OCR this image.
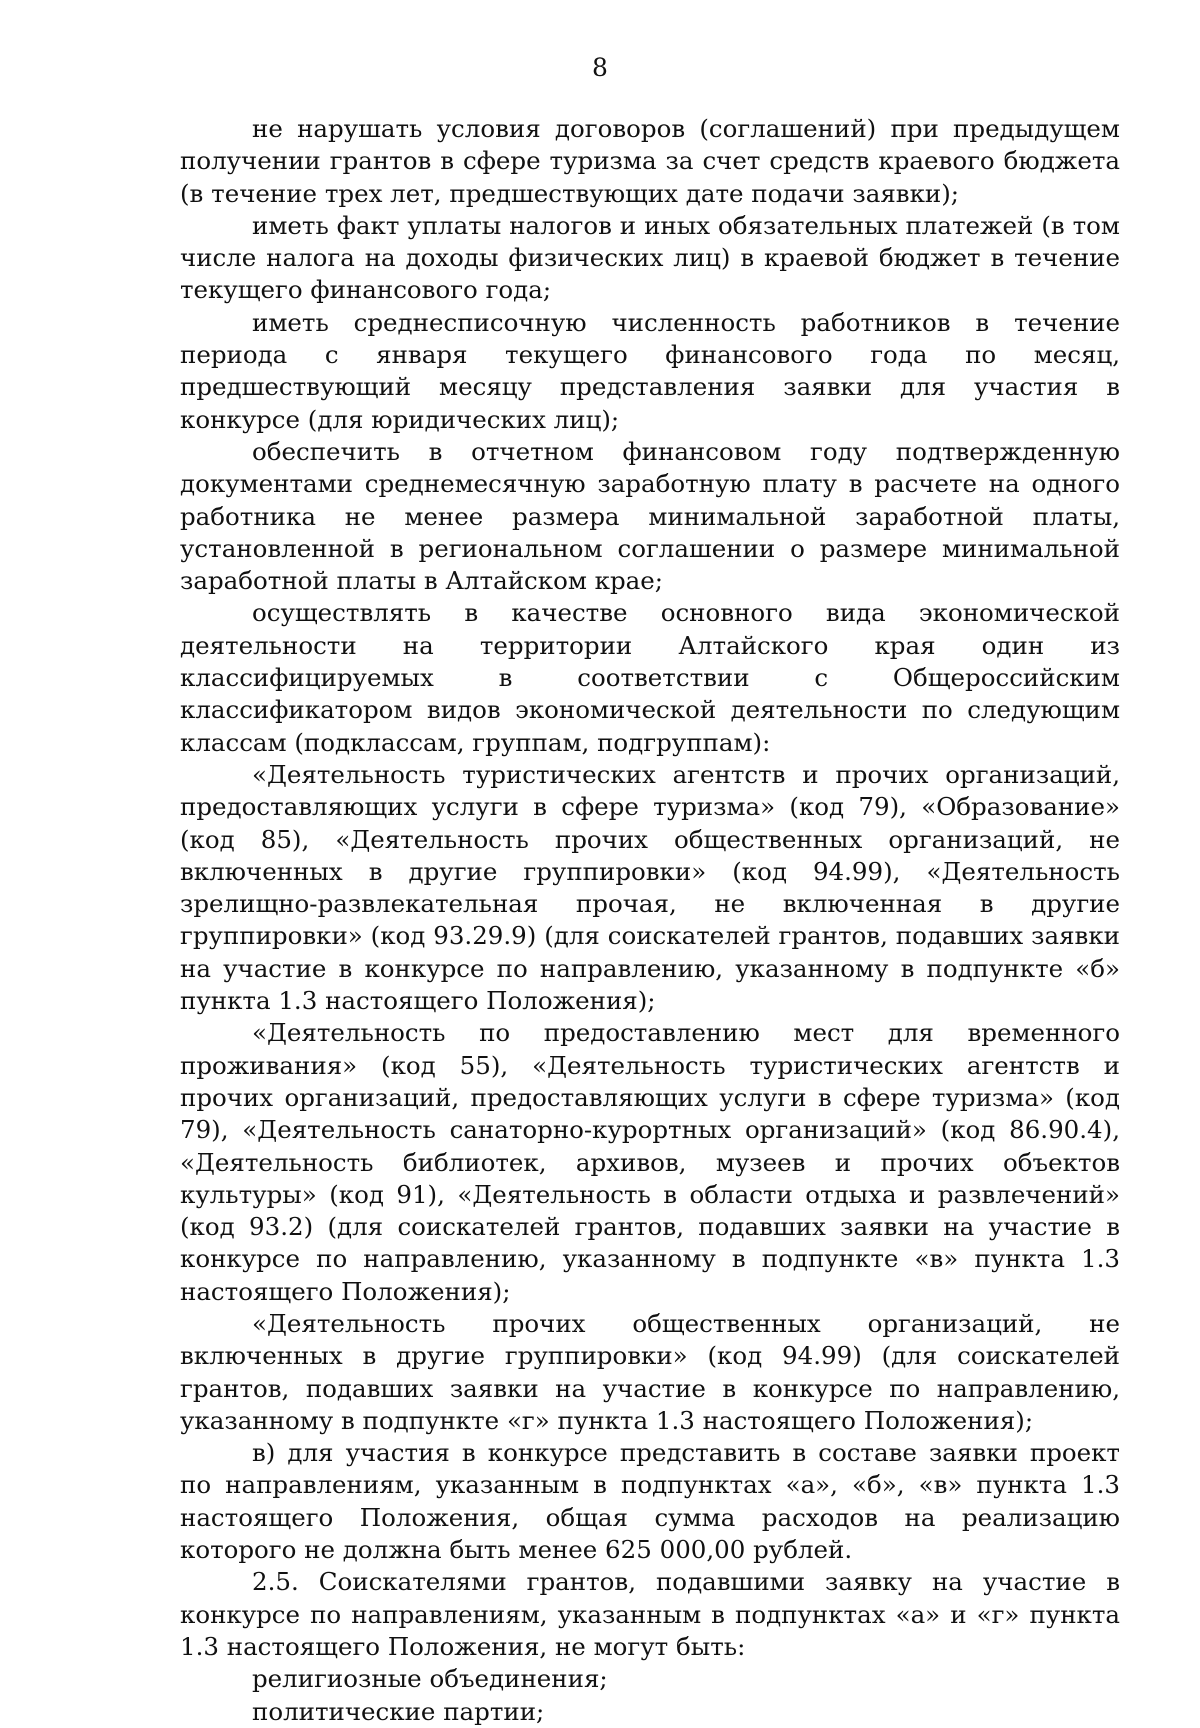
8

не нарушать условия договоров (соглашений) при предыдущем получении грантов в сфере туризма за счет средств краевого бюджета (в течение трех лет, предшествующих дате подачи заявки);

иметь факт уплаты налогов и иных обязательных платежей (в том числе налога на доходы физических лиц) в краевой бюджет в течение текущего финансового года;

иметь среднесписочную численность работников в течение периода с января текущего финансового года по месяц, предшествующий месяцу представления заявки для участия в конкурсе (для юридических лиц);

обеспечить в отчетном финансовом году подтвержденную документами среднемесячную заработную плату в расчете на одного работника не менее размера минимальной заработной платы, установленной в региональном соглашении о размере минимальной заработной платы в Алтайском крае;

осуществлять в качестве основного вида экономической деятельности на территории Алтайского края один из классифицируемых в соответствии с Общероссийским классификатором видов экономической деятельности по следующим классам (подклассам, группам, подгруппам):

«Деятельность туристических агентств и прочих организаций, предоставляющих услуги в сфере туризма» (код 79), «Образование» (код 85), «Деятельность прочих общественных организаций, не включенных в другие группировки» (код 94.99), «Деятельность зрелищно-развлекательная прочая, не включенная в другие группировки» (код 93.29.9) (для соискателей грантов, подавших заявки на участие в конкурсе по направлению, указанному в подпункте «б» пункта 1.3 настоящего Положения);

«Деятельность по предоставлению мест для временного проживания» (код 55), «Деятельность туристических агентств и прочих организаций, предоставляющих услуги в сфере туризма» (код 79), «Деятельность санаторно-курортных организаций» (код 86.90.4), «Деятельность библиотек, архивов, музеев и прочих объектов культуры» (код 91), «Деятельность в области отдыха и развлечений» (код 93.2) (для соискателей грантов, подавших заявки на участие в конкурсе по направлению, указанному в подпункте «в» пункта 1.3 настоящего Положения);

«Деятельность прочих общественных организаций, не включенных в другие группировки» (код 94.99) (для соискателей грантов, подавших заявки на участие в конкурсе по направлению, указанному в подпункте «г» пункта 1.3 настоящего Положения);

в) для участия в конкурсе представить в составе заявки проект по направлениям, указанным в подпунктах «а», «б», «в» пункта 1.3 настоящего Положения, общая сумма расходов на реализацию которого не должна быть менее 625 000,00 рублей.

2.5. Соискателями грантов, подавшими заявку на участие в конкурсе по направлениям, указанным в подпунктах «а» и «г» пункта 1.3 настоящего Положения, не могут быть:

религиозные объединения;

политические партии;
